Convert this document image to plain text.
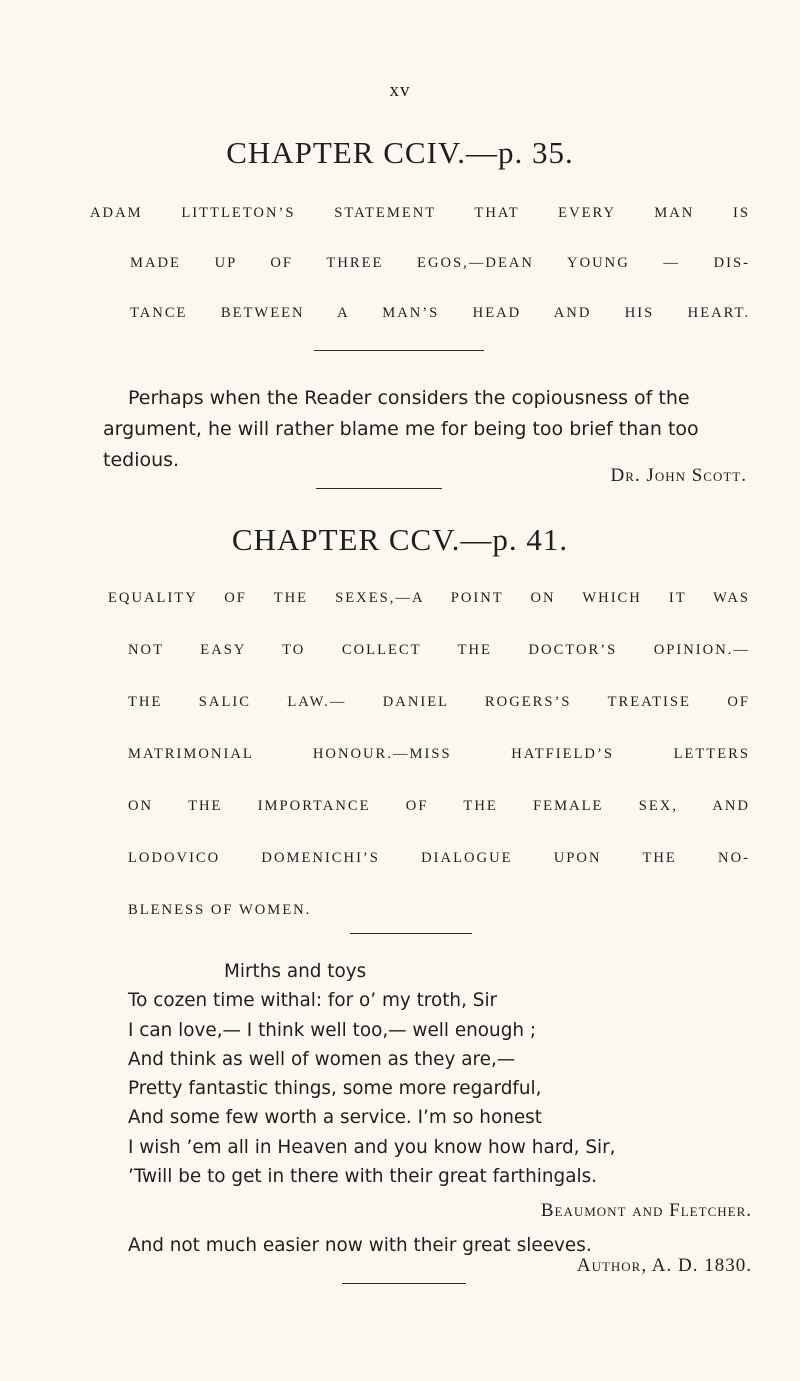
xv
CHAPTER CCIV.—p. 35.
ADAM LITTLETON’S STATEMENT THAT EVERY MAN IS
MADE UP OF THREE EGOS,—DEAN YOUNG — DIS-
TANCE BETWEEN A MAN’S HEAD AND HIS HEART.
Perhaps when the Reader considers the copiousness of the
argument, he will rather blame me for being too brief than too
tedious.
Dr. John Scott.
CHAPTER CCV.—p. 41.
EQUALITY OF THE SEXES,—A POINT ON WHICH IT WAS
NOT EASY TO COLLECT THE DOCTOR’S OPINION.—
THE SALIC LAW.— DANIEL ROGERS’S TREATISE OF
MATRIMONIAL HONOUR.—MISS HATFIELD’S LETTERS
ON THE IMPORTANCE OF THE FEMALE SEX, AND
LODOVICO DOMENICHI’S DIALOGUE UPON THE NO-
BLENESS OF WOMEN.
Mirths and toys
To cozen time withal: for o’ my troth, Sir
I can love,— I think well too,— well enough ;
And think as well of women as they are,—
Pretty fantastic things, some more regardful,
And some few worth a service. I’m so honest
I wish ’em all in Heaven and you know how hard, Sir,
’Twill be to get in there with their great farthingals.
Beaumont and Fletcher.
And not much easier now with their great sleeves.
Author, A. D. 1830.
